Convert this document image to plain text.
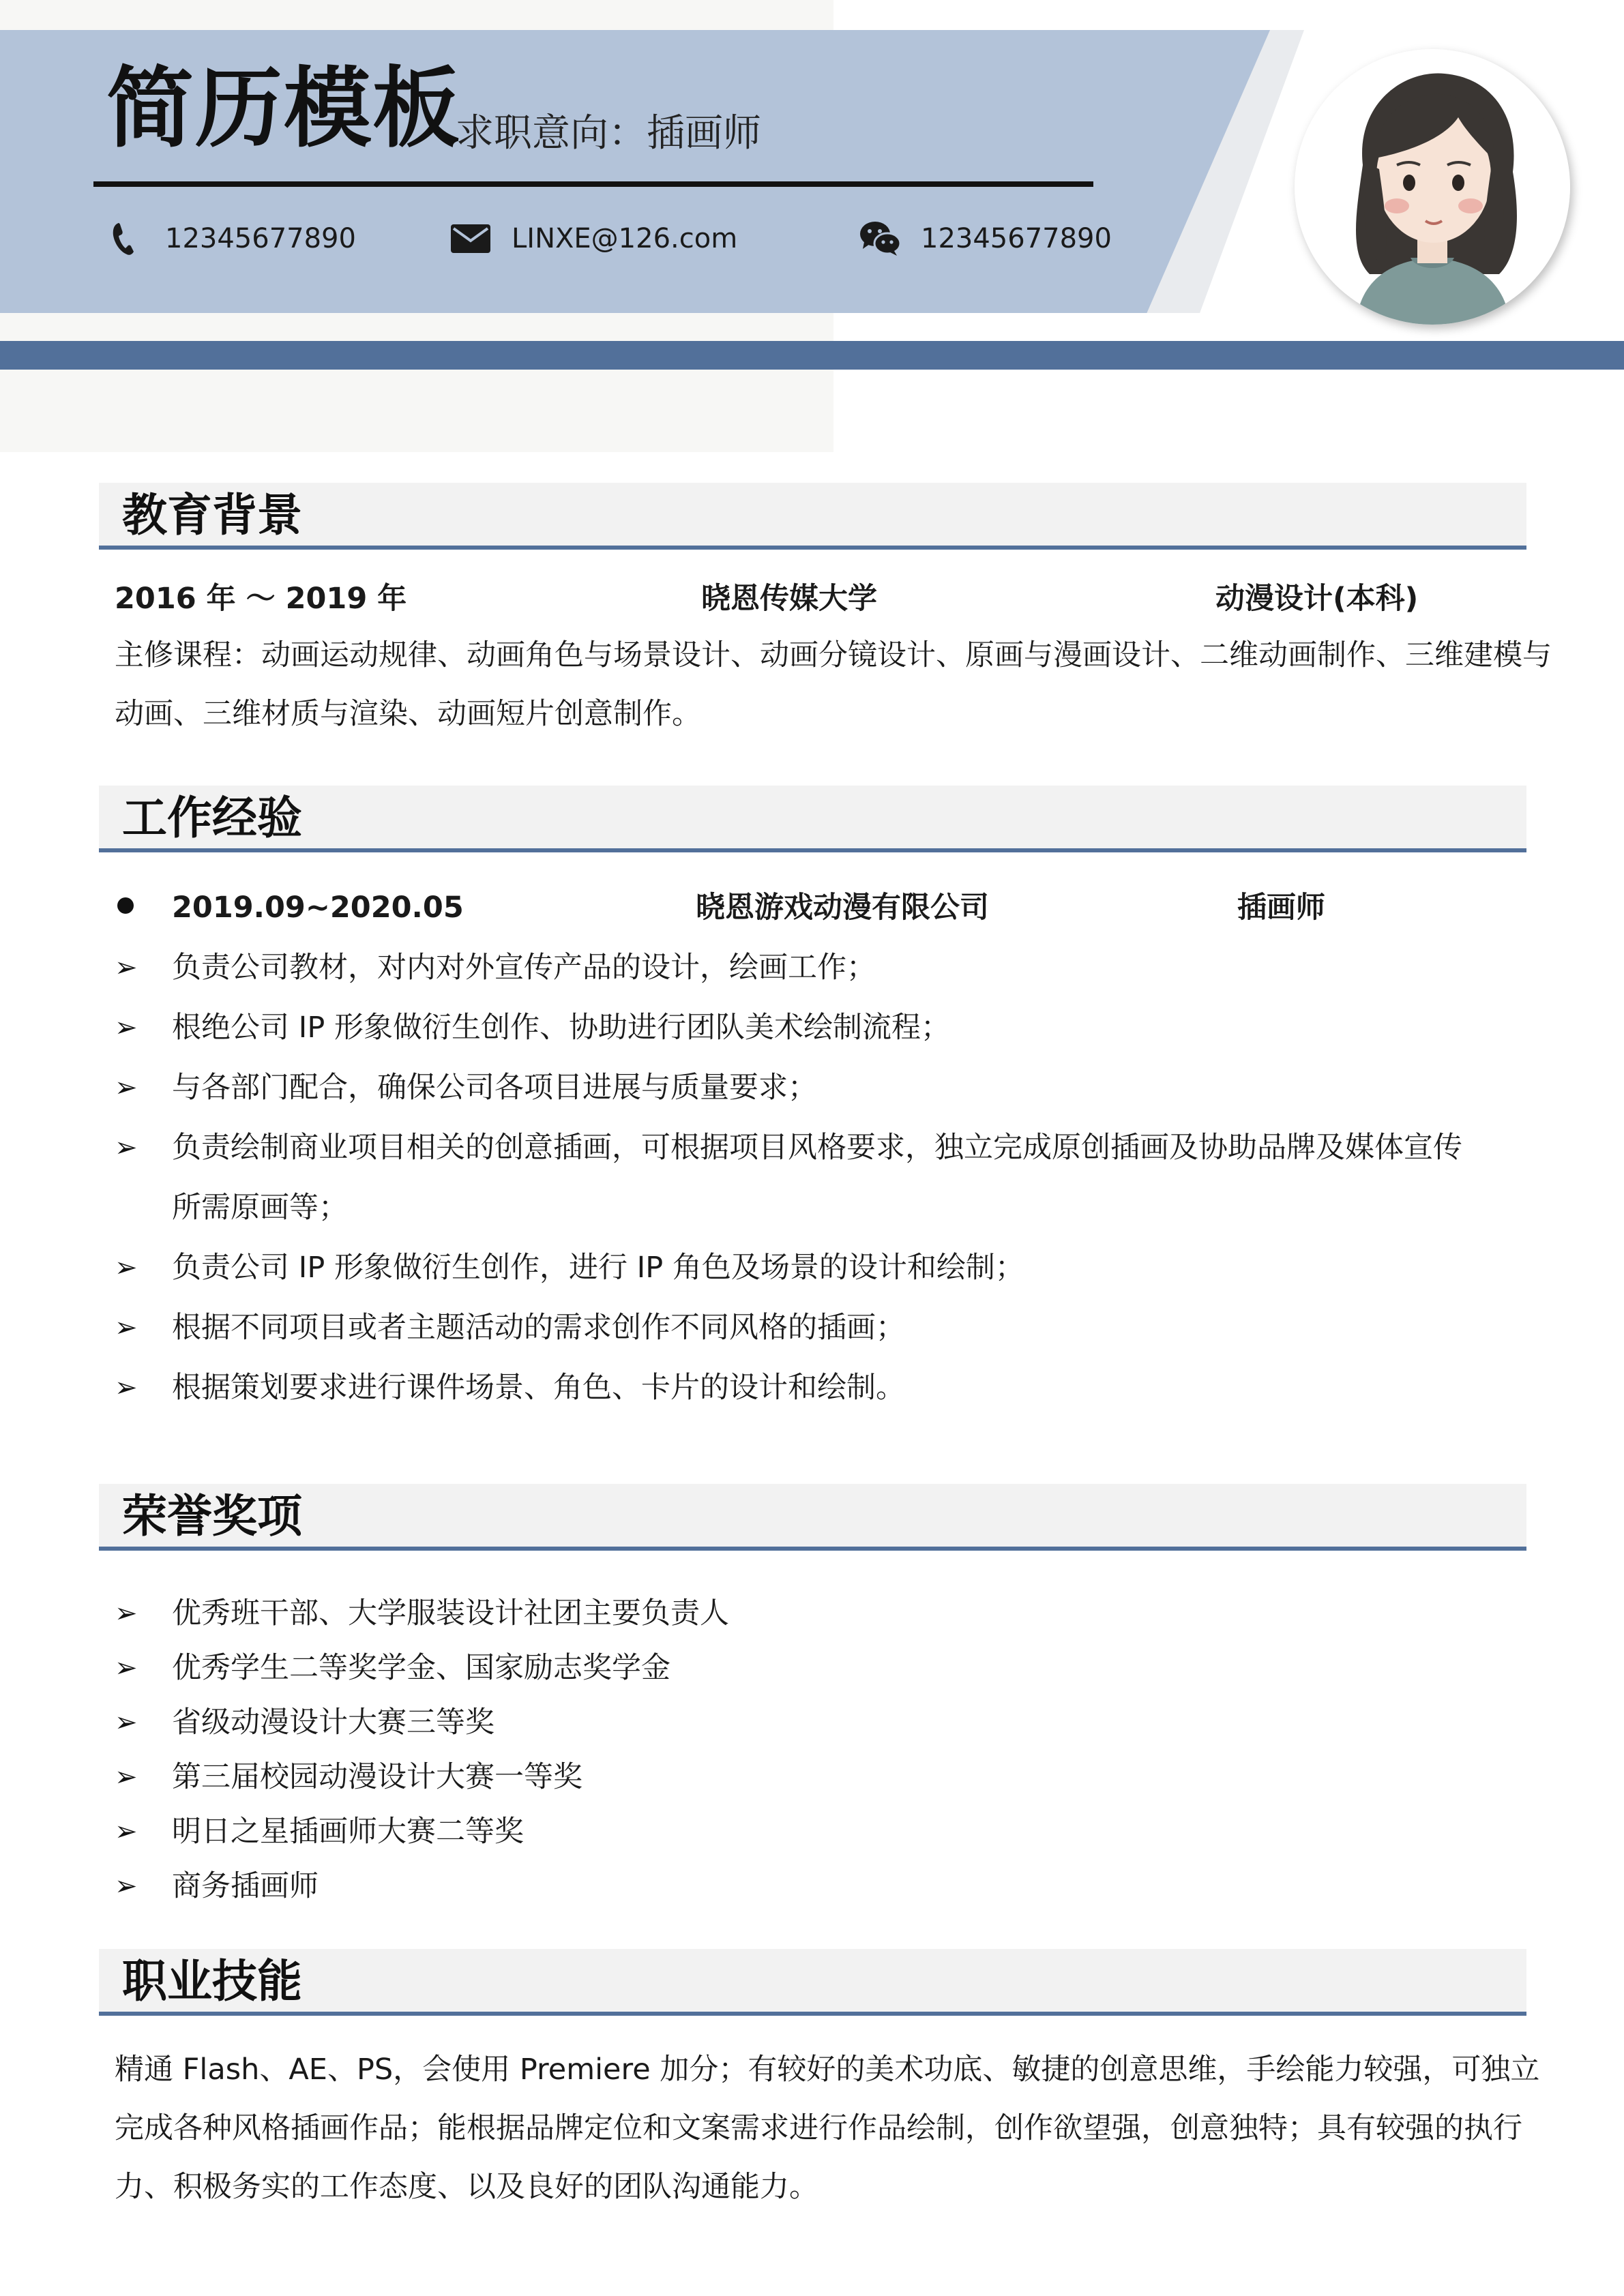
简历模板
求职意向：插画师
12345677890	LINXE@126.com	12345677890
教育背景
2016 年 ～ 2019 年	晓恩传媒大学	动漫设计(本科)
主修课程：动画运动规律、动画角色与场景设计、动画分镜设计、原画与漫画设计、二维动画制作、三维建模与
动画、三维材质与渲染、动画短片创意制作。
工作经验
2019.09~2020.05	晓恩游戏动漫有限公司	插画师
➢	负责公司教材，对内对外宣传产品的设计，绘画工作；
➢	根绝公司 IP 形象做衍生创作、协助进行团队美术绘制流程；
➢	与各部门配合，确保公司各项目进展与质量要求；
➢	负责绘制商业项目相关的创意插画，可根据项目风格要求，独立完成原创插画及协助品牌及媒体宣传
所需原画等；
➢	负责公司 IP 形象做衍生创作，进行 IP 角色及场景的设计和绘制；
➢	根据不同项目或者主题活动的需求创作不同风格的插画；
➢	根据策划要求进行课件场景、角色、卡片的设计和绘制。
荣誉奖项
➢	优秀班干部、大学服装设计社团主要负责人
➢	优秀学生二等奖学金、国家励志奖学金
➢	省级动漫设计大赛三等奖
➢	第三届校园动漫设计大赛一等奖
➢	明日之星插画师大赛二等奖
➢	商务插画师
职业技能
精通 Flash、AE、PS，会使用 Premiere 加分；有较好的美术功底、敏捷的创意思维，手绘能力较强，可独立
完成各种风格插画作品；能根据品牌定位和文案需求进行作品绘制，创作欲望强，创意独特；具有较强的执行
力、积极务实的工作态度、以及良好的团队沟通能力。
